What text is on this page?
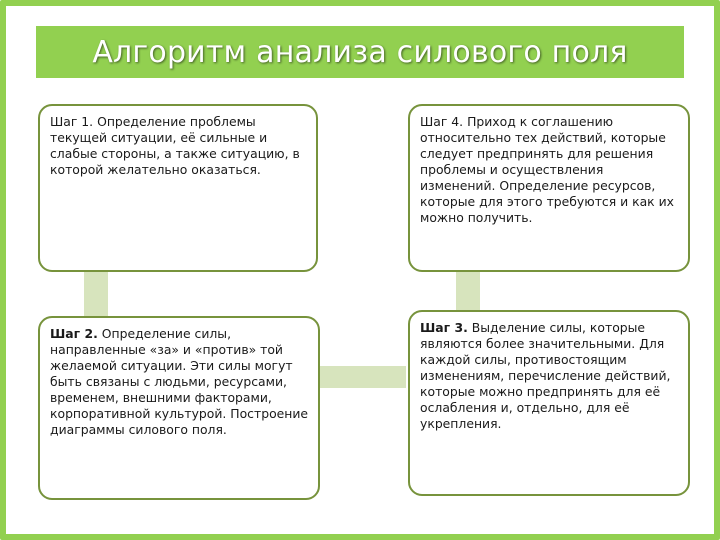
Алгоритм анализа силового поля
Шаг 1. Определение проблемы текущей ситуации, её сильные и слабые стороны, а также ситуацию, в которой желательно оказаться.
Шаг 4. Приход к соглашению относительно тех действий, которые следует предпринять для решения проблемы и осуществления изменений. Определение ресурсов, которые для этого требуются и как их можно получить.
Шаг 2. Определение силы, направленные «за» и «против» той желаемой ситуации. Эти силы могут быть связаны с людьми, ресурсами, временем, внешними факторами, корпоративной культурой. Построение диаграммы силового поля.
Шаг 3. Выделение силы, которые являются более значительными. Для каждой силы, противостоящим изменениям, перечисление действий, которые можно предпринять для её ослабления и, отдельно, для её укрепления.
